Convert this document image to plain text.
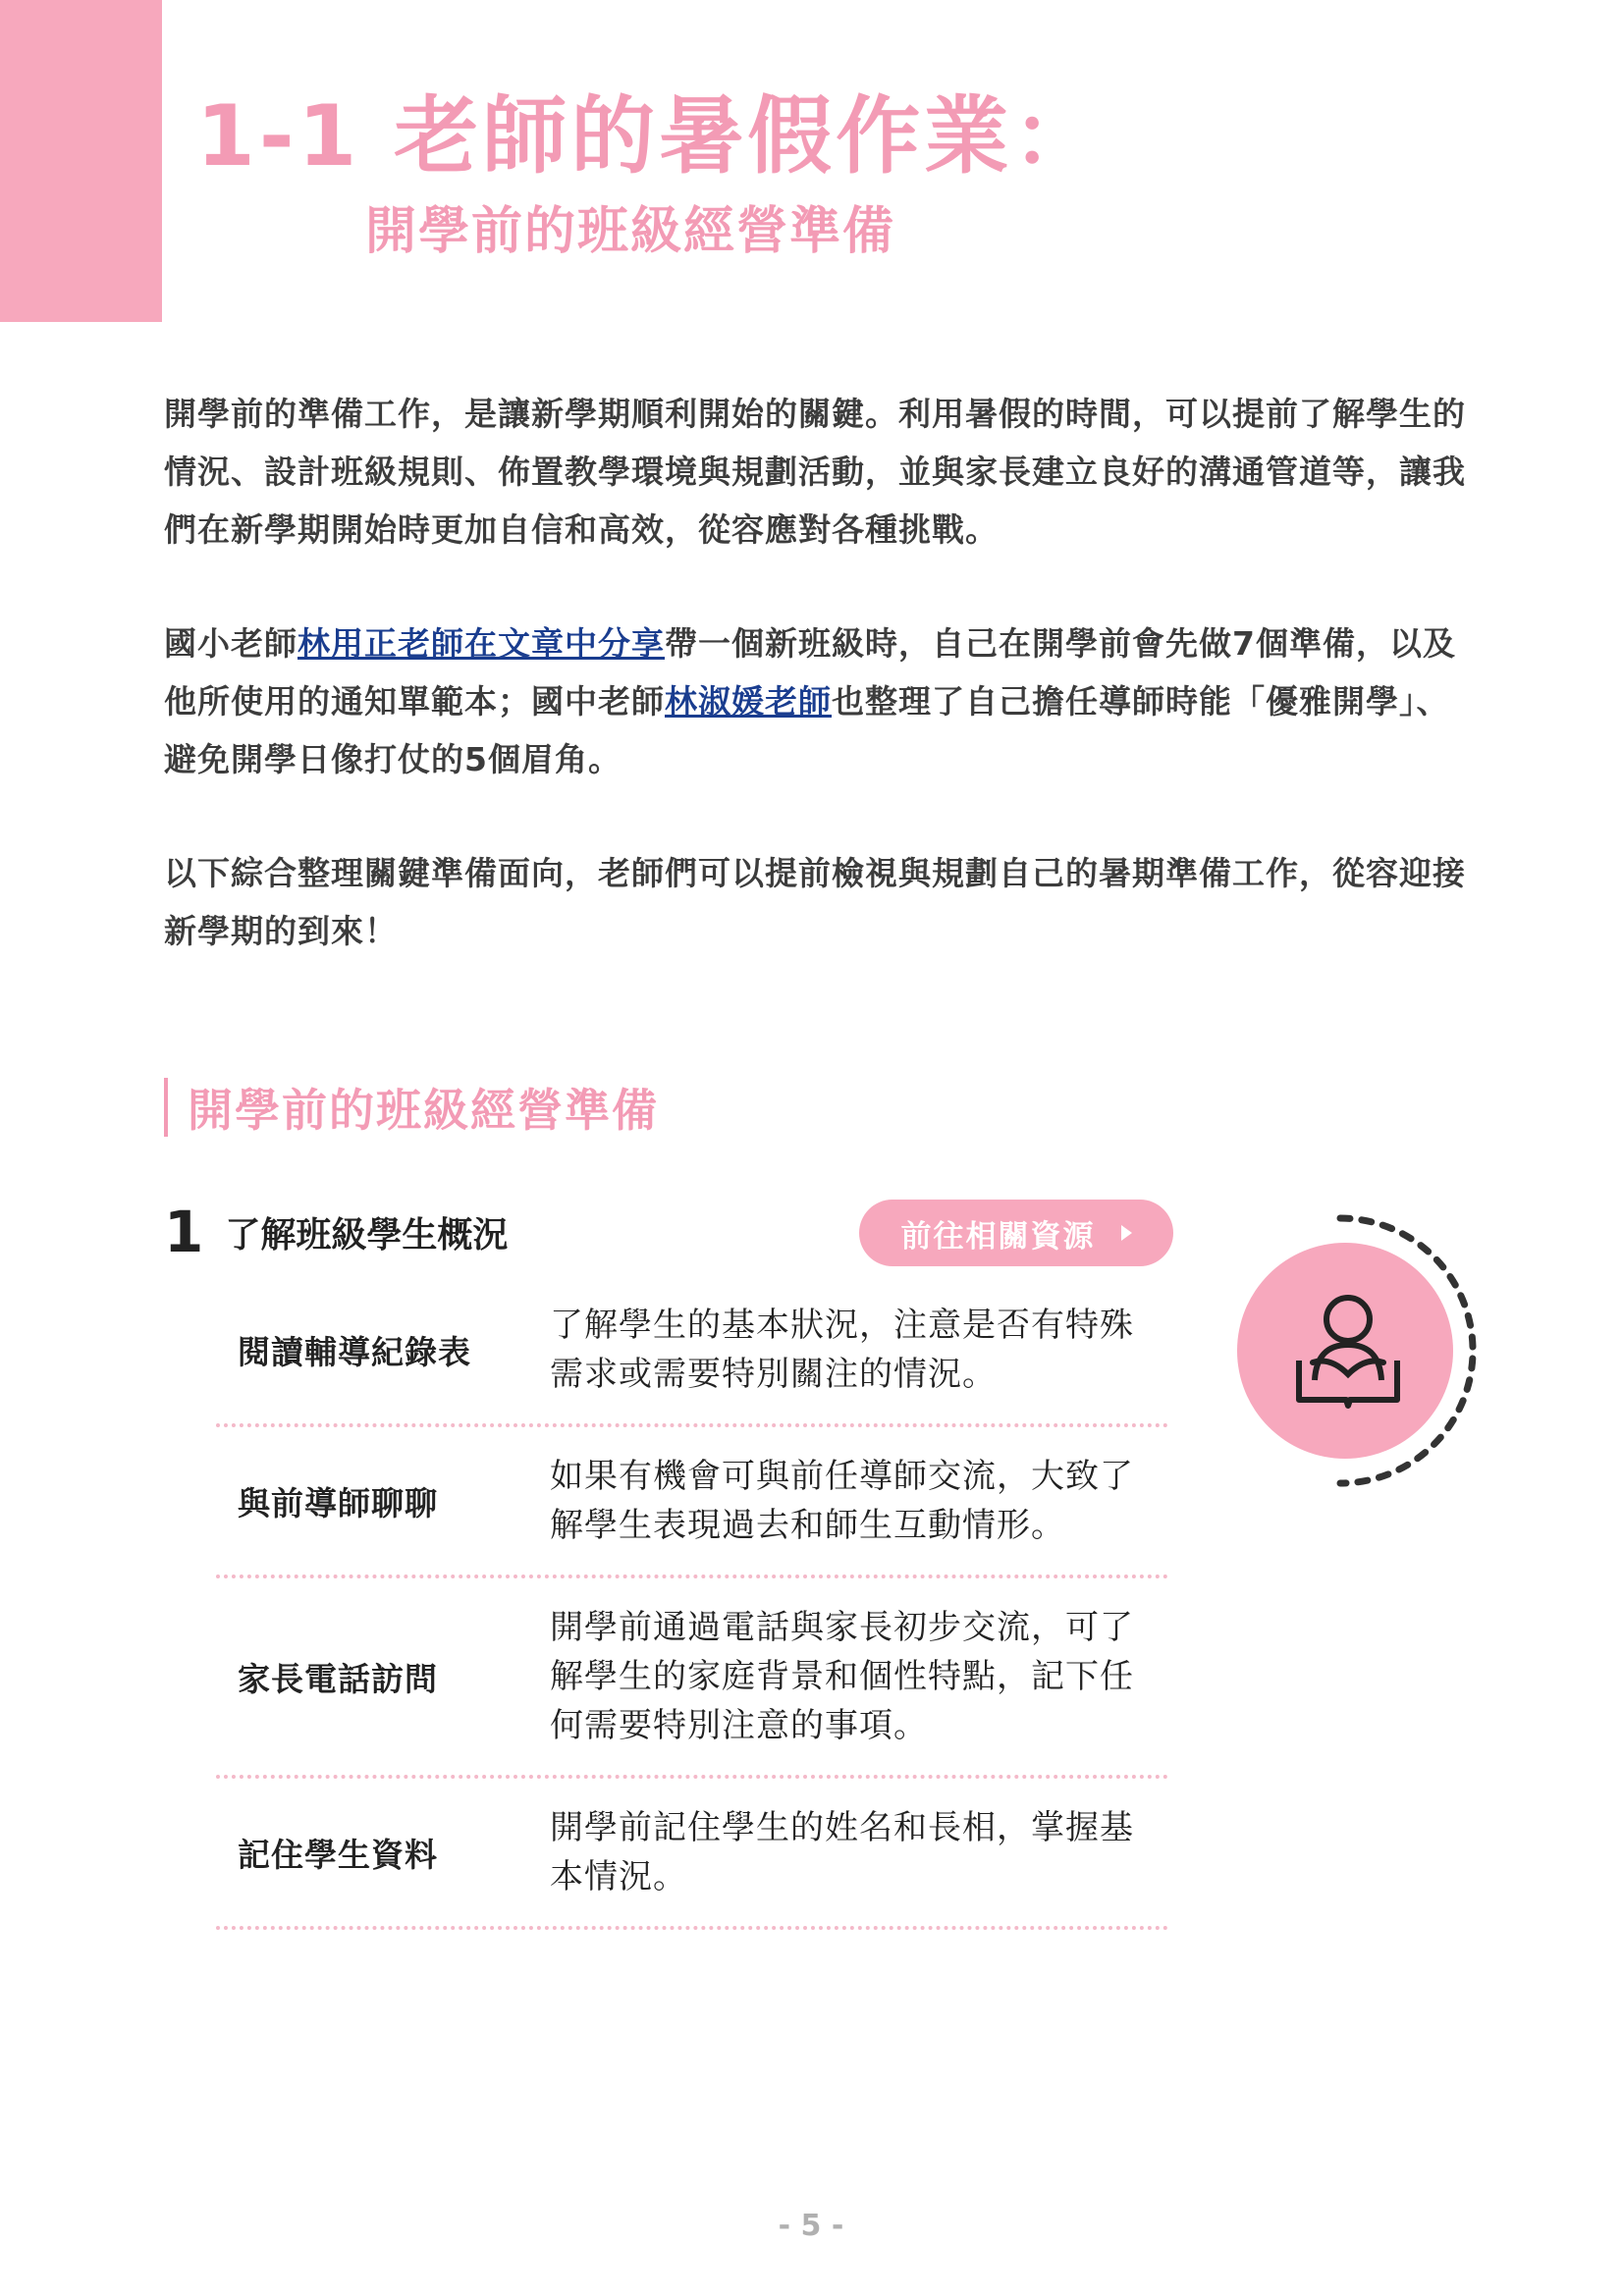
1-1 老師的暑假作業：
開學前的班級經營準備
開學前的準備工作，是讓新學期順利開始的關鍵。利用暑假的時間，可以提前了解學生的情況、設計班級規則、佈置教學環境與規劃活動，並與家長建立良好的溝通管道等，讓我們在新學期開始時更加自信和高效，從容應對各種挑戰。
國小老師林用正老師在文章中分享帶一個新班級時，自己在開學前會先做7個準備，以及他所使用的通知單範本；國中老師林淑媛老師也整理了自己擔任導師時能「優雅開學」、避免開學日像打仗的5個眉角。
以下綜合整理關鍵準備面向，老師們可以提前檢視與規劃自己的暑期準備工作，從容迎接新學期的到來！
開學前的班級經營準備
1 了解班級學生概況	前往相關資源
閱讀輔導紀錄表
了解學生的基本狀況，注意是否有特殊需求或需要特別關注的情況。
與前導師聊聊
如果有機會可與前任導師交流，大致了解學生表現過去和師生互動情形。
家長電話訪問
開學前通過電話與家長初步交流，可了解學生的家庭背景和個性特點，記下任何需要特別注意的事項。
記住學生資料
開學前記住學生的姓名和長相，掌握基本情況。
- 5 -
